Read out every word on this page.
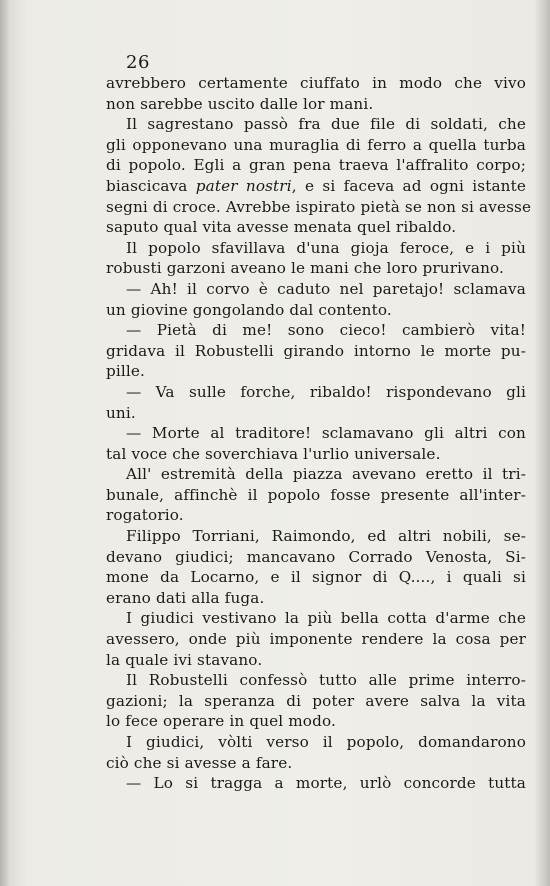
26
avrebbero certamente ciuffato in modo che vivo
non sarebbe uscito dalle lor mani.
Il sagrestano passò fra due file di soldati, che
gli opponevano una muraglia di ferro a quella turba
di popolo. Egli a gran pena traeva l'affralito corpo;
biascicava pater nostri, e si faceva ad ogni istante
segni di croce. Avrebbe ispirato pietà se non si avesse
saputo qual vita avesse menata quel ribaldo.
Il popolo sfavillava d'una gioja feroce, e i più
robusti garzoni aveano le mani che loro prurivano.
— Ah! il corvo è caduto nel paretajo! sclamava
un giovine gongolando dal contento.
— Pietà di me! sono cieco! cambierò vita!
gridava il Robustelli girando intorno le morte pu-
pille.
— Va sulle forche, ribaldo! rispondevano gli
uni.
— Morte al traditore! sclamavano gli altri con
tal voce che soverchiava l'urlio universale.
All' estremità della piazza avevano eretto il tri-
bunale, affinchè il popolo fosse presente all'inter-
rogatorio.
Filippo Torriani, Raimondo, ed altri nobili, se-
devano giudici; mancavano Corrado Venosta, Si-
mone da Locarno, e il signor di Q...., i quali si
erano dati alla fuga.
I giudici vestivano la più bella cotta d'arme che
avessero, onde più imponente rendere la cosa per
la quale ivi stavano.
Il Robustelli confessò tutto alle prime interro-
gazioni; la speranza di poter avere salva la vita
lo fece operare in quel modo.
I giudici, vòlti verso il popolo, domandarono
ciò che si avesse a fare.
— Lo si tragga a morte, urlò concorde tutta
